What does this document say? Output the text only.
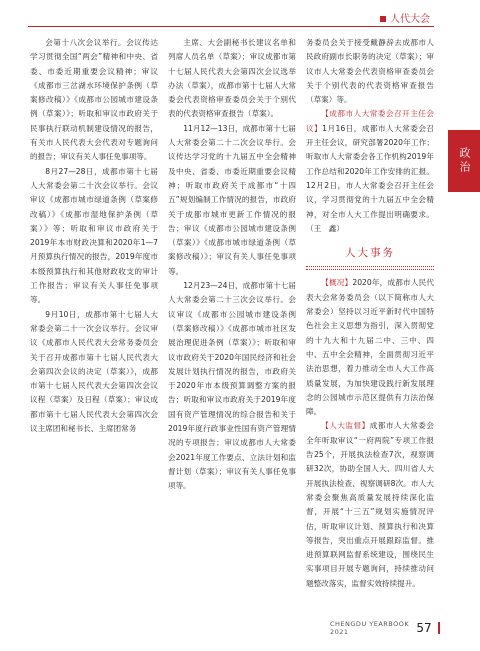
人代大会
政治

会第十八次会议举行。会议传达学习贯彻全国“两会”精神和中央、省委、市委近期重要会议精神；审议《成都市三岔湖水环境保护条例（草案修改稿）》《成都市公园城市建设条例（草案）》；听取和审议市政府关于民事执行联动机制建设情况的报告，有关市人民代表大会代表对专题询问的报告；审议有关人事任免事项等。

8月27—28日，成都市第十七届人大常委会第二十次会议举行。会议审议《成都市城市绿道条例（草案修改稿）》《成都市湿地保护条例（草案）》等；听取和审议市政府关于2019年本市财政决算和2020年1—7月预算执行情况的报告，2019年度市本级预算执行和其他财政收支的审计工作报告；审议有关人事任免事项等。

9月10日，成都市第十七届人大常委会第二十一次会议举行。会议审议《成都市人民代表大会常务委员会关于召开成都市第十七届人民代表大会第四次会议的决定（草案）》，成都市第十七届人民代表大会第四次会议议程（草案）及日程（草案）；审议成都市第十七届人民代表大会第四次会议主席团和秘书长、主席团常务

主席、大会副秘书长建议名单和列席人员名单（草案）；审议成都市第十七届人民代表大会第四次会议选举办法（草案），成都市第十七届人大常委会代表资格审查委员会关于个别代表的代表资格审查报告（草案）。

11月12—13日，成都市第十七届人大常委会第二十二次会议举行。会议传达学习党的十九届五中全会精神及中央、省委、市委近期重要会议精神；听取市政府关于成都市“十四五”规划编制工作情况的报告，市政府关于成都市城市更新工作情况的报告；审议《成都市公园城市建设条例（草案）》《成都市城市绿道条例（草案修改稿）》；审议有关人事任免事项等。

12月23—24日，成都市第十七届人大常委会第二十三次会议举行。会议审议《成都市公园城市建设条例（草案修改稿）》《成都市城市社区发展治理促进条例（草案）》；听取和审议市政府关于2020年国民经济和社会发展计划执行情况的报告，市政府关于2020年市本级预算调整方案的报告；听取和审议市政府关于2019年度国有资产管理情况的综合报告和关于2019年度行政事业性国有资产管理情况的专项报告；审议成都市人大常委会2021年度工作要点、立法计划和监督计划（草案）；审议有关人事任免事项等。

务委员会关于接受戴静辞去成都市人民政府副市长职务的决定（草案）；审议市人大常委会代表资格审查委员会关于个别代表的代表资格审查报告（草案）等。

【成都市人大常委会召开主任会议】1月16日，成都市人大常委会召开主任会议，研究部署2020年工作；听取市人大常委会各工作机构2019年工作总结和2020年工作安排的汇报。12月2日，市人大常委会召开主任会议，学习贯彻党的十九届五中全会精神，对全市人大工作提出明确要求。（王　鑫）

人大事务

【概况】2020年，成都市人民代表大会常务委员会（以下简称市人大常委会）坚持以习近平新时代中国特色社会主义思想为指引，深入贯彻党的十九大和十九届二中、三中、四中、五中全会精神，全面贯彻习近平法治思想，着力推动全市人大工作高质量发展，为加快建设践行新发展理念的公园城市示范区提供有力法治保障。

【人大监督】成都市人大常委会全年听取审议“一府两院”专项工作报告25个，开展执法检查7次，视察调研32次，协助全国人大、四川省人大开展执法检查、视察调研8次。市人大常委会聚焦高质量发展持续深化监督，开展“十三五”规划实施情况评估，听取审议计划、预算执行和决算等报告，突出重点开展跟踪监督。推进预算联网监督系统建设，围绕民生实事项目开展专题询问，持续推动问题整改落实，监督实效持续提升。

CHENGDU YEARBOOK 2021	57
